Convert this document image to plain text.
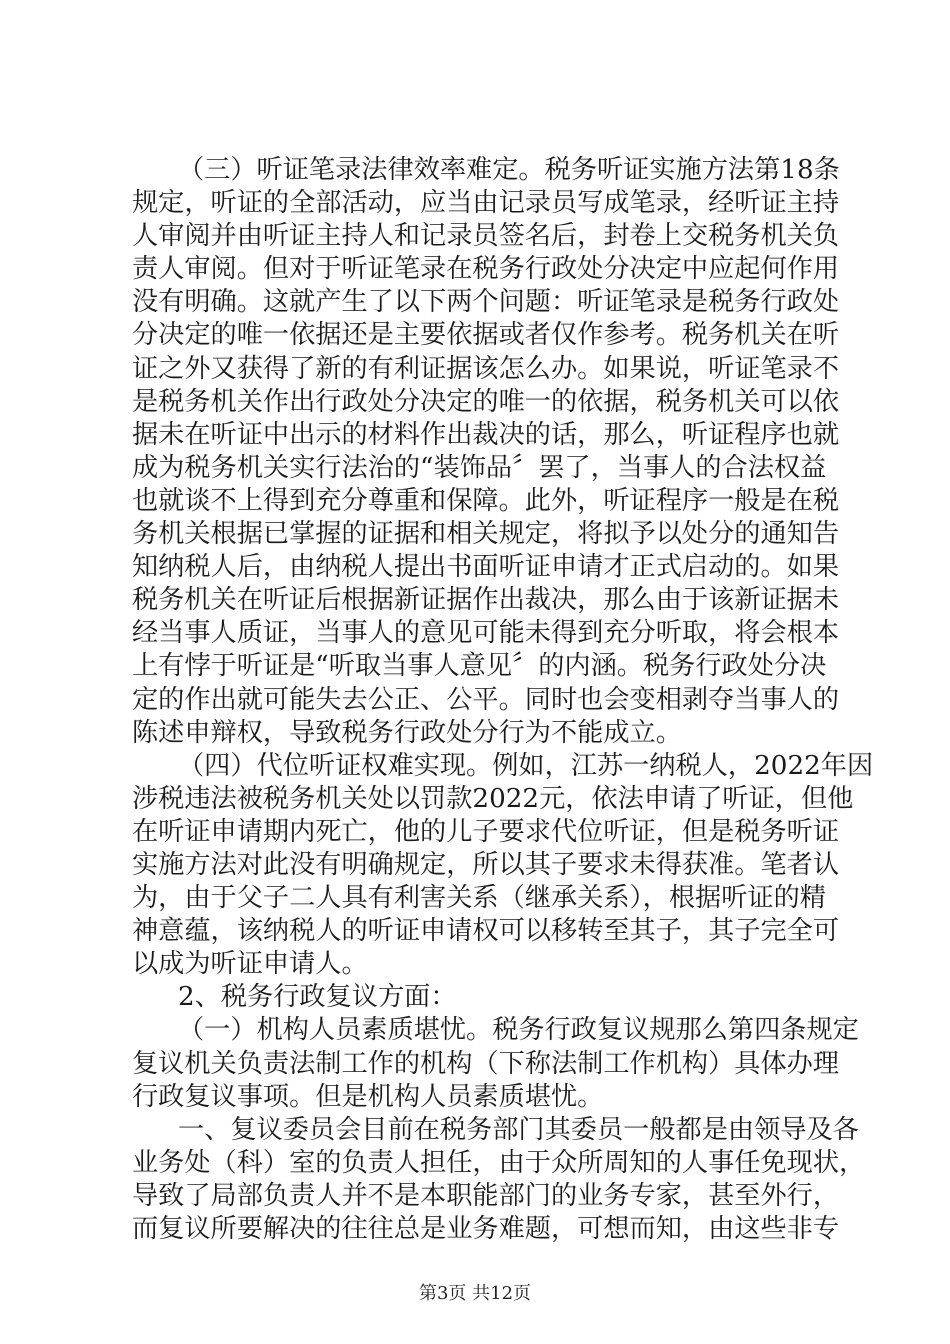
（三）听证笔录法律效率难定。税务听证实施方法第18条
规定，听证的全部活动，应当由记录员写成笔录，经听证主持
人审阅并由听证主持人和记录员签名后，封卷上交税务机关负
责人审阅。但对于听证笔录在税务行政处分决定中应起何作用
没有明确。这就产生了以下两个问题：听证笔录是税务行政处
分决定的唯一依据还是主要依据或者仅作参考。税务机关在听
证之外又获得了新的有利证据该怎么办。如果说，听证笔录不
是税务机关作出行政处分决定的唯一的依据，税务机关可以依
据未在听证中出示的材料作出裁决的话，那么，听证程序也就
成为税务机关实行法治的“装饰品〞罢了，当事人的合法权益
也就谈不上得到充分尊重和保障。此外，听证程序一般是在税
务机关根据已掌握的证据和相关规定，将拟予以处分的通知告
知纳税人后，由纳税人提出书面听证申请才正式启动的。如果
税务机关在听证后根据新证据作出裁决，那么由于该新证据未
经当事人质证，当事人的意见可能未得到充分听取，将会根本
上有悖于听证是“听取当事人意见〞的内涵。税务行政处分决
定的作出就可能失去公正、公平。同时也会变相剥夺当事人的
陈述申辩权，导致税务行政处分行为不能成立。
（四）代位听证权难实现。例如，江苏一纳税人，2022年因
涉税违法被税务机关处以罚款2022元，依法申请了听证，但他
在听证申请期内死亡，他的儿子要求代位听证，但是税务听证
实施方法对此没有明确规定，所以其子要求未得获准。笔者认
为，由于父子二人具有利害关系（继承关系），根据听证的精
神意蕴，该纳税人的听证申请权可以移转至其子，其子完全可
以成为听证申请人。
2、税务行政复议方面：
（一）机构人员素质堪忧。税务行政复议规那么第四条规定
复议机关负责法制工作的机构（下称法制工作机构）具体办理
行政复议事项。但是机构人员素质堪忧。
一、复议委员会目前在税务部门其委员一般都是由领导及各
业务处（科）室的负责人担任，由于众所周知的人事任免现状，
导致了局部负责人并不是本职能部门的业务专家，甚至外行，
而复议所要解决的往往总是业务难题，可想而知，由这些非专
第3页 共12页
